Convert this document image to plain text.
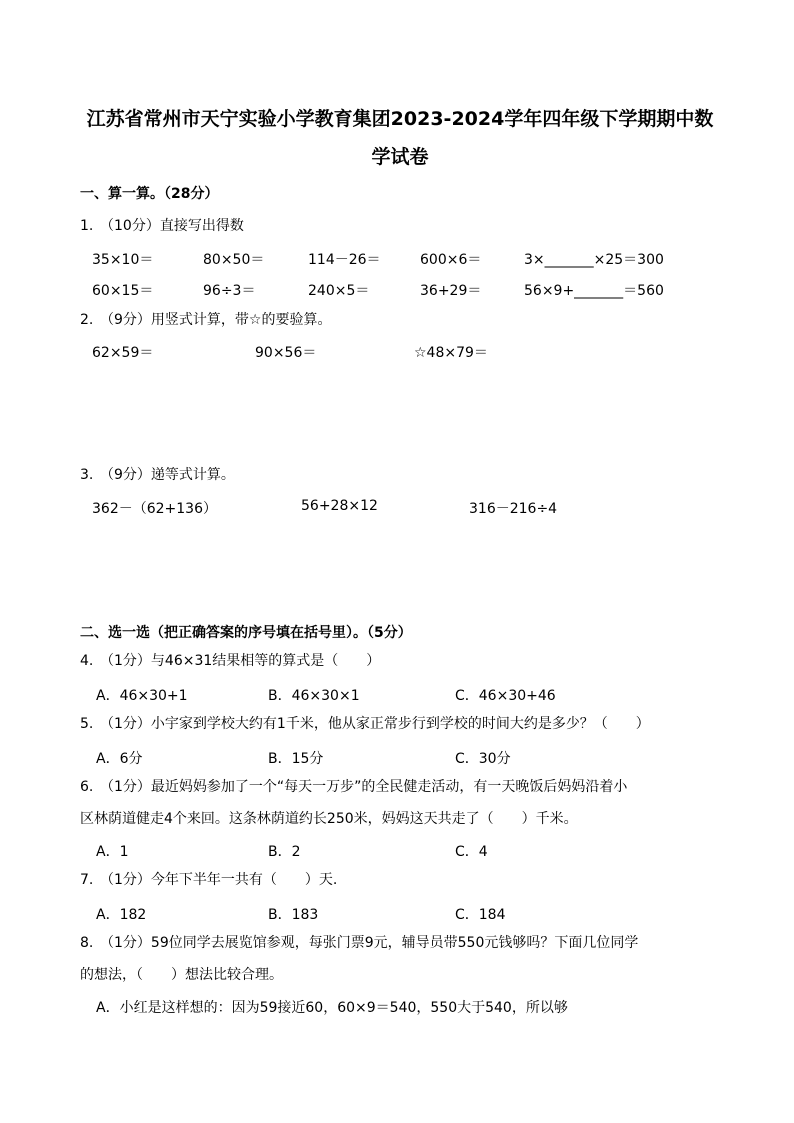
江苏省常州市天宁实验小学教育集团2023-2024学年四年级下学期期中数
学试卷
一、算一算。（28分）
1. （10分）直接写出得数
35×10＝	80×50＝	114－26＝	600×6＝	3×_______×25＝300
60×15＝	96÷3＝	240×5＝	36+29＝	56×9+_______＝560
2. （9分）用竖式计算，带☆的要验算。
62×59＝	90×56＝	☆48×79＝
3. （9分）递等式计算。
362－（62+136）	56+28×12	316－216÷4
二、选一选（把正确答案的序号填在括号里）。（5分）
4. （1分）与46×31结果相等的算式是（　　）
A．46×30+1	B．46×30×1	C．46×30+46
5. （1分）小宇家到学校大约有1千米，他从家正常步行到学校的时间大约是多少？（　　）
A．6分	B．15分	C．30分
6. （1分）最近妈妈参加了一个“每天一万步”的全民健走活动，有一天晚饭后妈妈沿着小
区林荫道健走4个来回。这条林荫道约长250米，妈妈这天共走了（　　）千米。
A．1	B．2	C．4
7. （1分）今年下半年一共有（　　）天.
A．182	B．183	C．184
8. （1分）59位同学去展览馆参观，每张门票9元，辅导员带550元钱够吗？下面几位同学
的想法，（　　）想法比较合理。
A．小红是这样想的：因为59接近60，60×9＝540，550大于540，所以够
